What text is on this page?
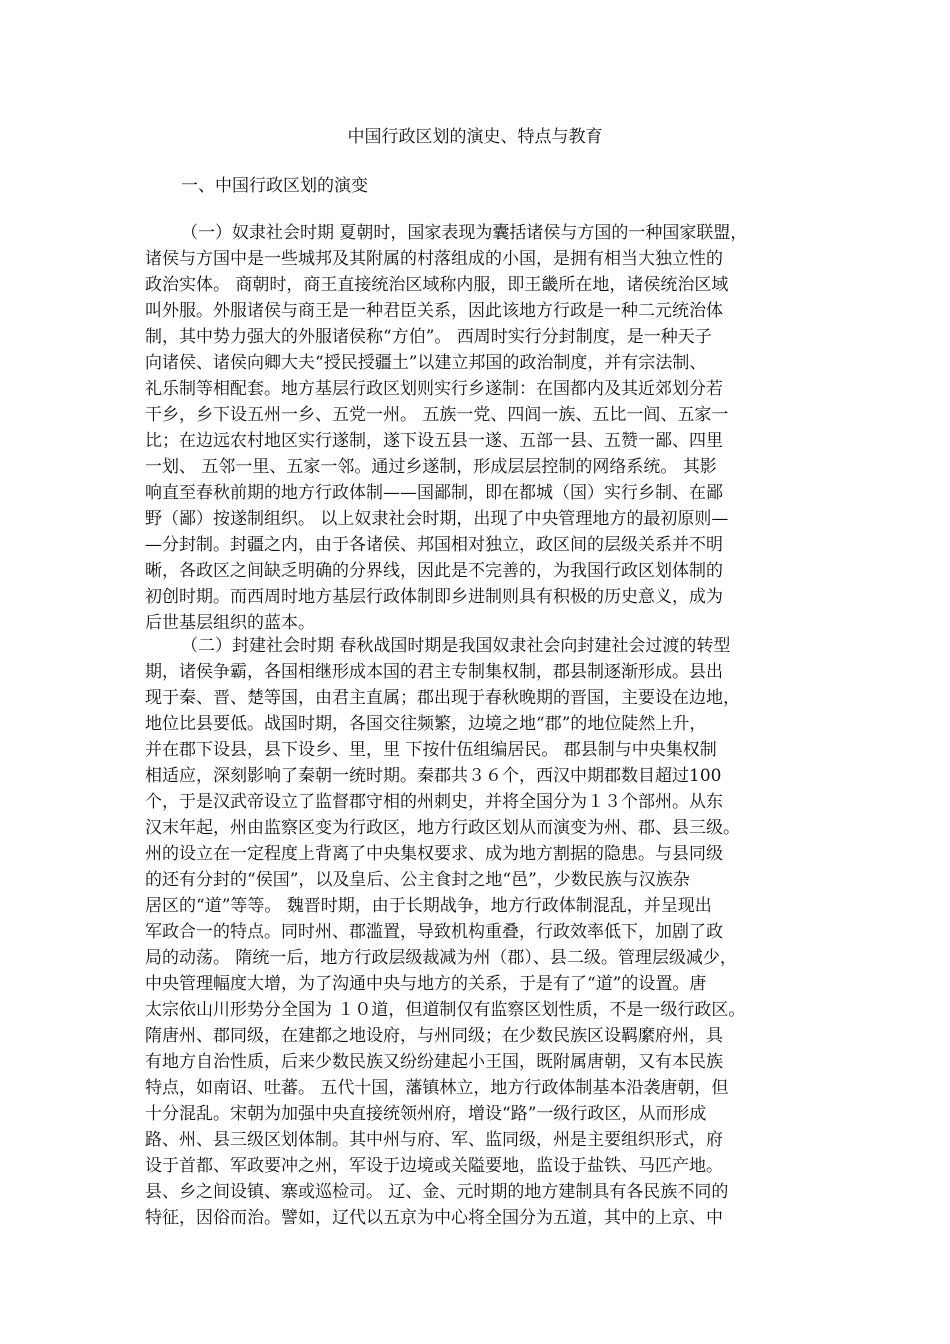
中国行政区划的演史、特点与教育
一、中国行政区划的演变
（一）奴隶社会时期 夏朝时，国家表现为囊括诸侯与方国的一种国家联盟，
诸侯与方国中是一些城邦及其附属的村落组成的小国，是拥有相当大独立性的
政治实体。 商朝时，商王直接统治区域称内服，即王畿所在地，诸侯统治区域
叫外服。外服诸侯与商王是一种君臣关系，因此该地方行政是一种二元统治体
制，其中势力强大的外服诸侯称“方伯”。 西周时实行分封制度，是一种天子
向诸侯、诸侯向卿大夫“授民授疆土”以建立邦国的政治制度，并有宗法制、
礼乐制等相配套。地方基层行政区划则实行乡遂制：在国都内及其近郊划分若
干乡，乡下设五州一乡、五党一州。 五族一党、四闾一族、五比一闾、五家一
比；在边远农村地区实行遂制，遂下设五县一遂、五部一县、五赞一鄙、四里
一划、 五邻一里、五家一邻。通过乡遂制，形成层层控制的网络系统。 其影
响直至春秋前期的地方行政体制——国鄙制，即在都城（国）实行乡制、在鄙
野（鄙）按遂制组织。 以上奴隶社会时期，出现了中央管理地方的最初原则—
—分封制。封疆之内，由于各诸侯、邦国相对独立，政区间的层级关系并不明
晰，各政区之间缺乏明确的分界线，因此是不完善的，为我国行政区划体制的
初创时期。而西周时地方基层行政体制即乡进制则具有积极的历史意义，成为
后世基层组织的蓝本。
（二）封建社会时期 春秋战国时期是我国奴隶社会向封建社会过渡的转型
期，诸侯争霸，各国相继形成本国的君主专制集权制，郡县制逐渐形成。县出
现于秦、晋、楚等国，由君主直属；郡出现于春秋晚期的晋国，主要设在边地，
地位比县要低。战国时期，各国交往频繁，边境之地“郡”的地位陡然上升，
并在郡下设县，县下设乡、里，里 下按什伍组编居民。 郡县制与中央集权制
相适应，深刻影响了秦朝一统时期。秦郡共３６个，西汉中期郡数目超过100
个，于是汉武帝设立了监督郡守相的州刺史，并将全国分为１３个部州。从东
汉末年起，州由监察区变为行政区，地方行政区划从而演变为州、郡、县三级。
州的设立在一定程度上背离了中央集权要求、成为地方割据的隐患。与县同级
的还有分封的“侯国”，以及皇后、公主食封之地“邑”，少数民族与汉族杂
居区的“道”等等。 魏晋时期，由于长期战争，地方行政体制混乱，并呈现出
军政合一的特点。同时州、郡滥置，导致机构重叠，行政效率低下，加剧了政
局的动荡。 隋统一后，地方行政层级裁减为州（郡）、县二级。管理层级减少，
中央管理幅度大增，为了沟通中央与地方的关系，于是有了“道”的设置。唐
太宗依山川形势分全国为 １０道，但道制仅有监察区划性质，不是一级行政区。
隋唐州、郡同级，在建都之地设府，与州同级；在少数民族区设羁縻府州，具
有地方自治性质，后来少数民族又纷纷建起小王国，既附属唐朝，又有本民族
特点，如南诏、吐蕃。 五代十国，藩镇林立，地方行政体制基本沿袭唐朝，但
十分混乱。宋朝为加强中央直接统领州府，增设“路”一级行政区，从而形成
路、州、县三级区划体制。其中州与府、军、监同级，州是主要组织形式，府
设于首都、军政要冲之州，军设于边境或关隘要地，监设于盐铁、马匹产地。
县、乡之间设镇、寨或巡检司。 辽、金、元时期的地方建制具有各民族不同的
特征，因俗而治。譬如，辽代以五京为中心将全国分为五道，其中的上京、中
